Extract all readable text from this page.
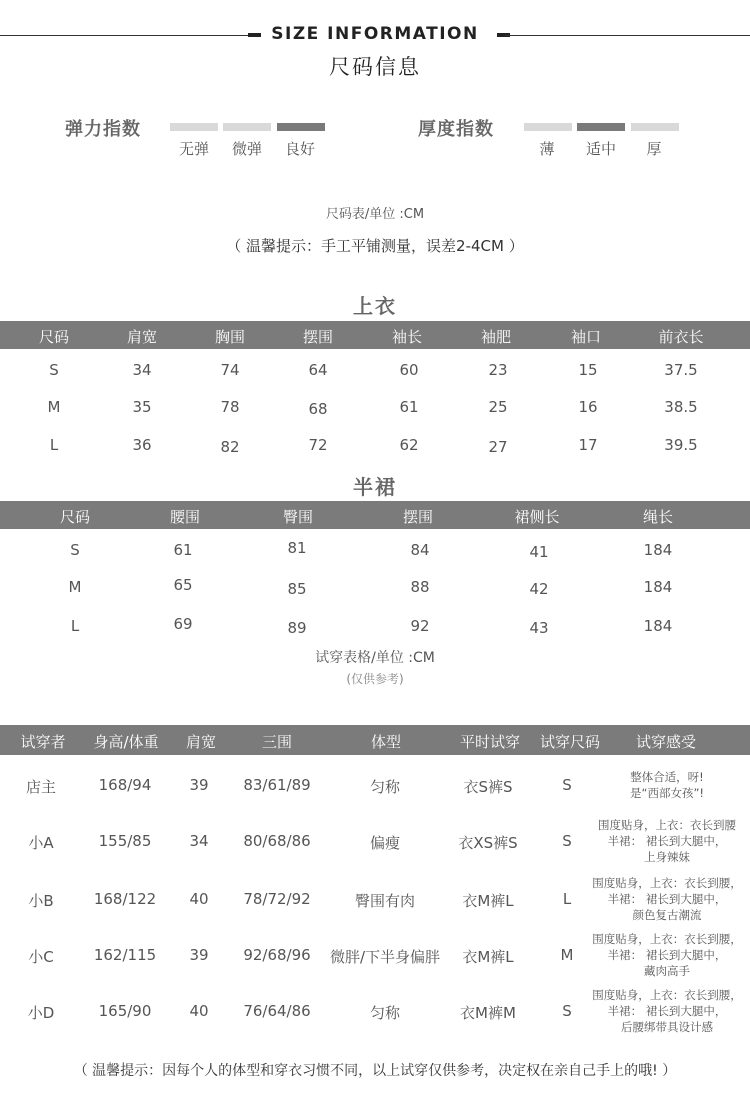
SIZE INFORMATION
尺码信息
弹力指数
无弹	微弹	良好
厚度指数
薄	适中	厚
尺码表/单位 :CM
（ 温馨提示：手工平铺测量，误差2-4CM ）
上衣
尺码	肩宽	胸围	摆围	袖长	袖肥	袖口	前衣长
S	34	74	64	60	23	15	37.5
M	35	78	68	61	25	16	38.5
L	36	82	72	62	27	17	39.5
半裙
尺码	腰围	臀围	摆围	裙侧长	绳长
S	61	81	84	41	184
M	65	85	88	42	184
L	69	89	92	43	184
试穿表格/单位 :CM
(仅供参考)
试穿者 身高/体重 肩宽	三围	体型	平时试穿 试穿尺码 试穿感受
店主	168/94	39 83/61/89	匀称	衣S裤S	S	整体合适，呀!
是“西部女孩”!
小A	155/85	34 80/68/86	偏瘦	衣XS裤S	S
围度贴身，上衣：衣长到腰
半裙： 裙长到大腿中，
上身辣妹
小B	168/122 40 78/72/92	臀围有肉	衣M裤L	L
围度贴身，上衣：衣长到腰，
半裙： 裙长到大腿中，
颜色复古潮流
小C	162/115 39 92/68/96 微胖/下半身偏胖 衣M裤L	M
围度贴身，上衣：衣长到腰，
半裙： 裙长到大腿中，
藏肉高手
小D	165/90	40 76/64/86	匀称	衣M裤M	S
围度贴身，上衣：衣长到腰，
半裙： 裙长到大腿中，
后腰绑带具设计感
（ 温馨提示：因每个人的体型和穿衣习惯不同，以上试穿仅供参考，决定权在亲自己手上的哦! ）
